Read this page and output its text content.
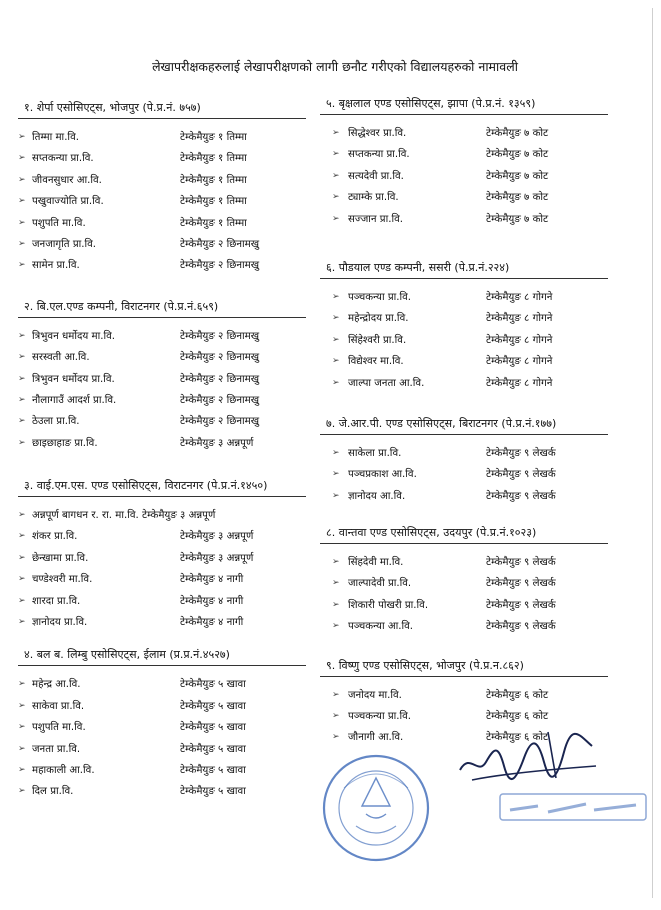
लेखापरीक्षकहरुलाई लेखापरीक्षणको लागी छनौट गरीएको विद्यालयहरुको नामावली
१. शेर्पा एसोसिएट्स, भोजपुर (पे.प्र.नं. ७५७)
➢ तिम्मा मा.वि.	टेम्केमैयुङ १ तिम्मा
➢ सप्तकन्या प्रा.वि.	टेम्केमैयुङ १ तिम्मा
➢ जीवनसुधार आ.वि.	टेम्केमैयुङ १ तिम्मा
➢ पखुवाज्योति प्रा.वि.	टेम्केमैयुङ १ तिम्मा
➢ पशुपति मा.वि.	टेम्केमैयुङ १ तिम्मा
➢ जनजागृति प्रा.वि.	टेम्केमैयुङ २ छिनामखु
➢ सामेन प्रा.वि.	टेम्केमैयुङ २ छिनामखु
२. बि.एल.एण्ड कम्पनी, विराटनगर (पे.प्र.नं.६५९)
➢ त्रिभुवन धर्मोदय मा.वि.	टेम्केमैयुङ २ छिनामखु
➢ सरस्वती आ.वि.	टेम्केमैयुङ २ छिनामखु
➢ त्रिभुवन धर्मोदय प्रा.वि.	टेम्केमैयुङ २ छिनामखु
➢ नौलागाउँ आदर्श प्रा.वि.	टेम्केमैयुङ २ छिनामखु
➢ ठेउला प्रा.वि.	टेम्केमैयुङ २ छिनामखु
➢ छाइछाहाङ प्रा.वि.	टेम्केमैयुङ ३ अन्नपूर्ण
३. वाई.एम.एस. एण्ड एसोसिएट्स, विराटनगर (पे.प्र.नं.१४५०)
➢ अन्नपूर्ण बागधन र. रा. मा.वि. टेम्केमैयुङ ३ अन्नपूर्ण
➢ शंकर प्रा.वि.	टेम्केमैयुङ ३ अन्नपूर्ण
➢ छेन्खामा प्रा.वि.	टेम्केमैयुङ ३ अन्नपूर्ण
➢ चण्डेश्वरी मा.वि.	टेम्केमैयुङ ४ नागी
➢ शारदा प्रा.वि.	टेम्केमैयुङ ४ नागी
➢ ज्ञानोदय प्रा.वि.	टेम्केमैयुङ ४ नागी
४. बल ब. लिम्बु एसोसिएट्स, ईलाम (प्र.प्र.नं.४५२७)
➢ महेन्द्र आ.वि.	टेम्केमैयुङ ५ खावा
➢ साकेवा प्रा.वि.	टेम्केमैयुङ ५ खावा
➢ पशुपति मा.वि.	टेम्केमैयुङ ५ खावा
➢ जनता प्रा.वि.	टेम्केमैयुङ ५ खावा
➢ महाकाली आ.वि.	टेम्केमैयुङ ५ खावा
➢ दिल प्रा.वि.	टेम्केमैयुङ ५ खावा
५. बृक्षलाल एण्ड एसोसिएट्स, झापा (पे.प्र.नं. १३५९)
➢ सिद्धेश्वर प्रा.वि.	टेम्केमैयुङ ७ कोट
➢ सप्तकन्या प्रा.वि.	टेम्केमैयुङ ७ कोट
➢ सत्यदेवी प्रा.वि.	टेम्केमैयुङ ७ कोट
➢ ट्याम्के प्रा.वि.	टेम्केमैयुङ ७ कोट
➢ सज्जान प्रा.वि.	टेम्केमैयुङ ७ कोट
६. पौडयाल एण्ड कम्पनी, ससरी (पे.प्र.नं.२२४)
➢ पञ्चकन्या प्रा.वि.	टेम्केमैयुङ ८ गोगने
➢ महेन्द्रोदय प्रा.वि.	टेम्केमैयुङ ८ गोगने
➢ सिंहेश्वरी प्रा.वि.	टेम्केमैयुङ ८ गोगने
➢ विद्येश्वर मा.वि.	टेम्केमैयुङ ८ गोगने
➢ जाल्पा जनता आ.वि.	टेम्केमैयुङ ८ गोगने
७. जे.आर.पी. एण्ड एसोसिएट्स, बिराटनगर (पे.प्र.नं.१७७)
➢ साकेला प्रा.वि.	टेम्केमैयुङ ९ लेखर्क
➢ पञ्चप्रकाश आ.वि.	टेम्केमैयुङ ९ लेखर्क
➢ ज्ञानोदय आ.वि.	टेम्केमैयुङ ९ लेखर्क
८. वान्तवा एण्ड एसोसिएट्स, उदयपुर (पे.प्र.नं.१०२३)
➢ सिंहदेवी मा.वि.	टेम्केमैयुङ ९ लेखर्क
➢ जाल्पादेवी प्रा.वि.	टेम्केमैयुङ ९ लेखर्क
➢ शिकारी पोखरी प्रा.वि.	टेम्केमैयुङ ९ लेखर्क
➢ पञ्चकन्या आ.वि.	टेम्केमैयुङ ९ लेखर्क
९. विष्णु एण्ड एसोसिएट्स, भोजपुर (पे.प्र.न.८६२)
➢ जनोदय मा.वि.	टेम्केमैयुङ ६ कोट
➢ पञ्चकन्या प्रा.वि.	टेम्केमैयुङ ६ कोट
➢ जौनागी आ.वि.	टेम्केमैयुङ ६ कोट
